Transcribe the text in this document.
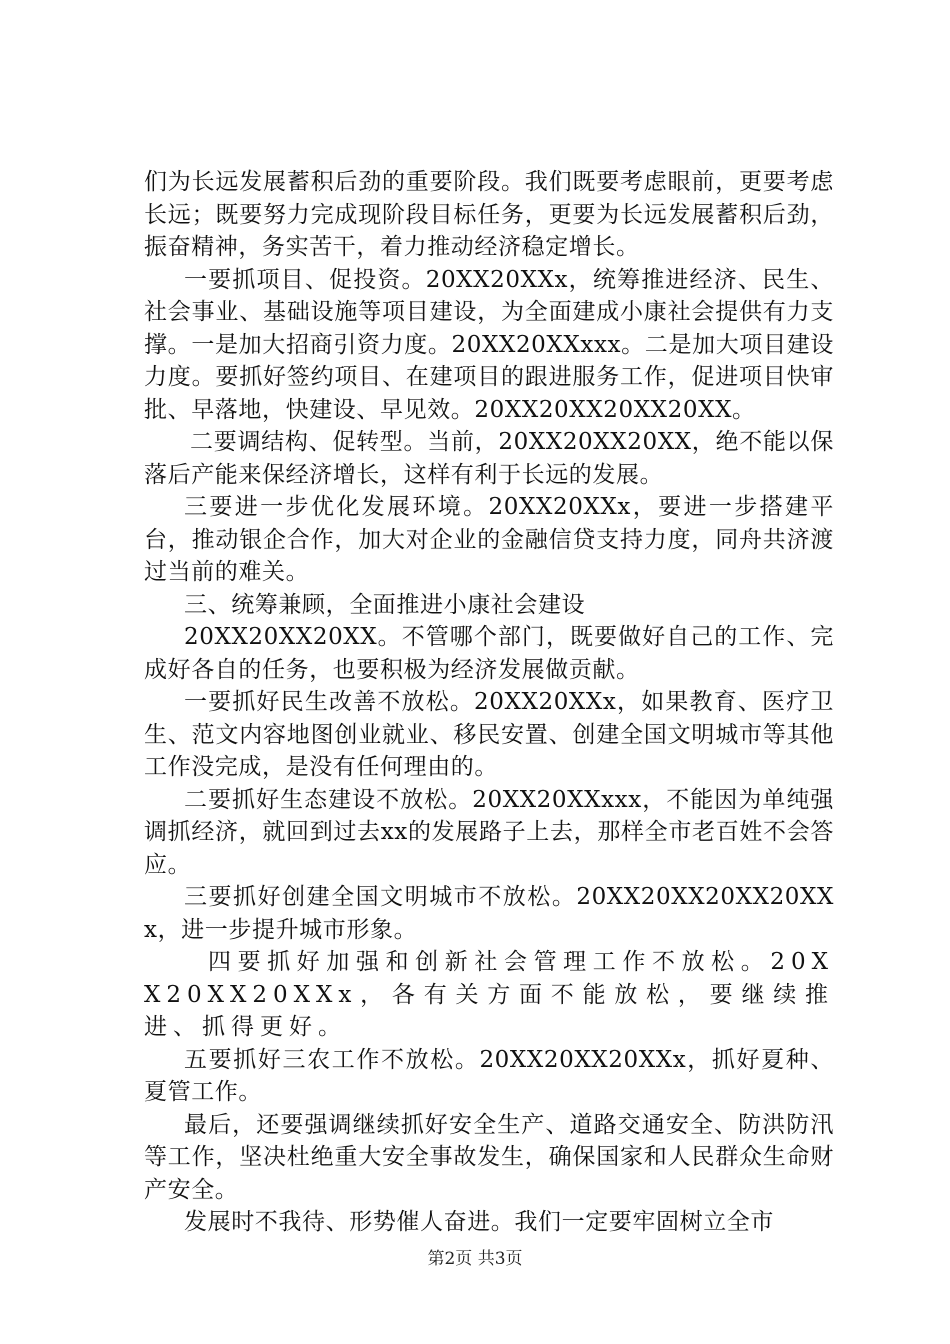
们为长远发展蓄积后劲的重要阶段。我们既要考虑眼前，更要考虑长远；既要努力完成现阶段目标任务，更要为长远发展蓄积后劲，振奋精神，务实苦干，着力推动经济稳定增长。

一要抓项目、促投资。20XX20XXx，统筹推进经济、民生、社会事业、基础设施等项目建设，为全面建成小康社会提供有力支撑。一是加大招商引资力度。20XX20XXxxx。二是加大项目建设力度。要抓好签约项目、在建项目的跟进服务工作，促进项目快审批、早落地，快建设、早见效。20XX20XX20XX20XX。

二要调结构、促转型。当前，20XX20XX20XX，绝不能以保落后产能来保经济增长，这样有利于长远的发展。

三要进一步优化发展环境。20XX20XXx，要进一步搭建平台，推动银企合作，加大对企业的金融信贷支持力度，同舟共济渡过当前的难关。

三、统筹兼顾，全面推进小康社会建设

20XX20XX20XX。不管哪个部门，既要做好自己的工作、完成好各自的任务，也要积极为经济发展做贡献。

一要抓好民生改善不放松。20XX20XXx，如果教育、医疗卫生、范文内容地图创业就业、移民安置、创建全国文明城市等其他工作没完成，是没有任何理由的。

二要抓好生态建设不放松。20XX20XXxxx，不能因为单纯强调抓经济，就回到过去xx的发展路子上去，那样全市老百姓不会答应。

三要抓好创建全国文明城市不放松。20XX20XX20XX20XXx，进一步提升城市形象。

四要抓好加强和创新社会管理工作不放松。20XX20XX20XXx，各有关方面不能放松，要继续推进、抓得更好。

五要抓好三农工作不放松。20XX20XX20XXx，抓好夏种、夏管工作。

最后，还要强调继续抓好安全生产、道路交通安全、防洪防汛等工作，坚决杜绝重大安全事故发生，确保国家和人民群众生命财产安全。

发展时不我待、形势催人奋进。我们一定要牢固树立全市

第2页 共3页
